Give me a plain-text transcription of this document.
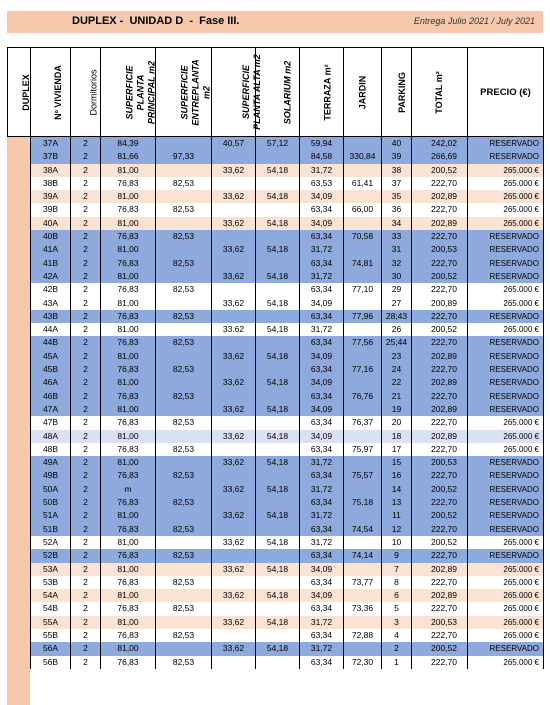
DUPLEX -  UNIDAD D  -  Fase III.	Entrega Julio 2021 / July 2021
DUPLEX	Nº VIVIENDA	Dormitorios	SUPERFICIE PLANTA PRINCIPAL m2	SUPERFICIE ENTREPLANTA m2	SUPERFICIE PLANTA ALTA m2	SOLARIUM m2	TERRAZA m²	JARDIN	PARKING	TOTAL m²	PRECIO (€)
	37A	2	84,39		40,57	57,12	59,94		40	242,02	RESERVADO
	37B	2	81,66	97,33			84,58	330,84	39	266,69	RESERVADO
	38A	2	81,00		33,62	54,18	31,72		38	200,52	265.000 €
	38B	2	76,83	82,53			63,53	61,41	37	222,70	265.000 €
	39A	2	81,00		33,62	54,18	34,09		35	202,89	265.000 €
	39B	2	76,83	82,53			63,34	66,00	36	222,70	265.000 €
	40A	2	81,00		33,62	54,18	34,09		34	202,89	265.000 €
	40B	2	76,83	82,53			63,34	70,58	33	222,70	RESERVADO
	41A	2	81,00		33,62	54,18	31,72		31	200,53	RESERVADO
	41B	2	76,83	82,53			63,34	74,81	32	222,70	RESERVADO
	42A	2	81,00		33,62	54,18	31,72		30	200,52	RESERVADO
	42B	2	76,83	82,53			63,34	77,10	29	222,70	265.000 €
	43A	2	81,00		33,62	54,18	34,09		27	200,89	265.000 €
	43B	2	76,83	82,53			63,34	77,96	28;43	222,70	RESERVADO
	44A	2	81,00		33.62	54,18	31,72		26	200,52	265.000 €
	44B	2	76,83	82,53			63,34	77,56	25;44	222,70	RESERVADO
	45A	2	81,00		33,62	54,18	34,09		23	202,89	RESERVADO
	45B	2	76,83	82,53			63,34	77,16	24	222,70	RESERVADO
	46A	2	81,00		33,62	54,18	34,09		22	202,89	RESERVADO
	46B	2	76,83	82,53			63,34	76,76	21	222,70	RESERVADO
	47A	2	81,00		33,62	54,18	34,09		19	202,89	RESERVADO
	47B	2	76,83	82,53			63,34	76,37	20	222,70	265.000 €
	48A	2	81,00		33,62	54,18	34,09		18	202,89	265.000 €
	48B	2	76,83	82,53			63,34	75,97	17	222,70	265.000 €
	49A	2	81,00		33,62	54,18	31,72		15	200,53	RESERVADO
	49B	2	76,83	82,53			63,34	75,57	16	222,70	RESERVADO
	50A	2	m		33,62	54,18	31,72		14	200,52	RESERVADO
	50B	2	76,83	82,53			63,34	75,18	13	222,70	RESERVADO
	51A	2	81,00		33,62	54,18	31,72		11	200,52	RESERVADO
	51B	2	76,83	82,53			63,34	74,54	12	222,70	RESERVADO
	52A	2	81,00		33,62	54,18	31,72		10	200,52	265.000 €
	52B	2	76,83	82,53			63,34	74,14	9	222,70	RESERVADO
	53A	2	81,00		33,62	54,18	34,09		7	202,89	265.000 €
	53B	2	76,83	82,53			63,34	73,77	8	222,70	265.000 €
	54A	2	81,00		33,62	54,18	34,09		6	202,89	265.000 €
	54B	2	76,83	82,53			63,34	73,36	5	222,70	265.000 €
	55A	2	81,00		33,62	54,18	31,72		3	200,53	265.000 €
	55B	2	76,83	82,53			63,34	72,88	4	222,70	265.000 €
	56A	2	81,00		33,62	54,18	31,72		2	200,52	RESERVADO
	56B	2	76,83	82,53			63,34	72,30	1	222,70	265.000 €
